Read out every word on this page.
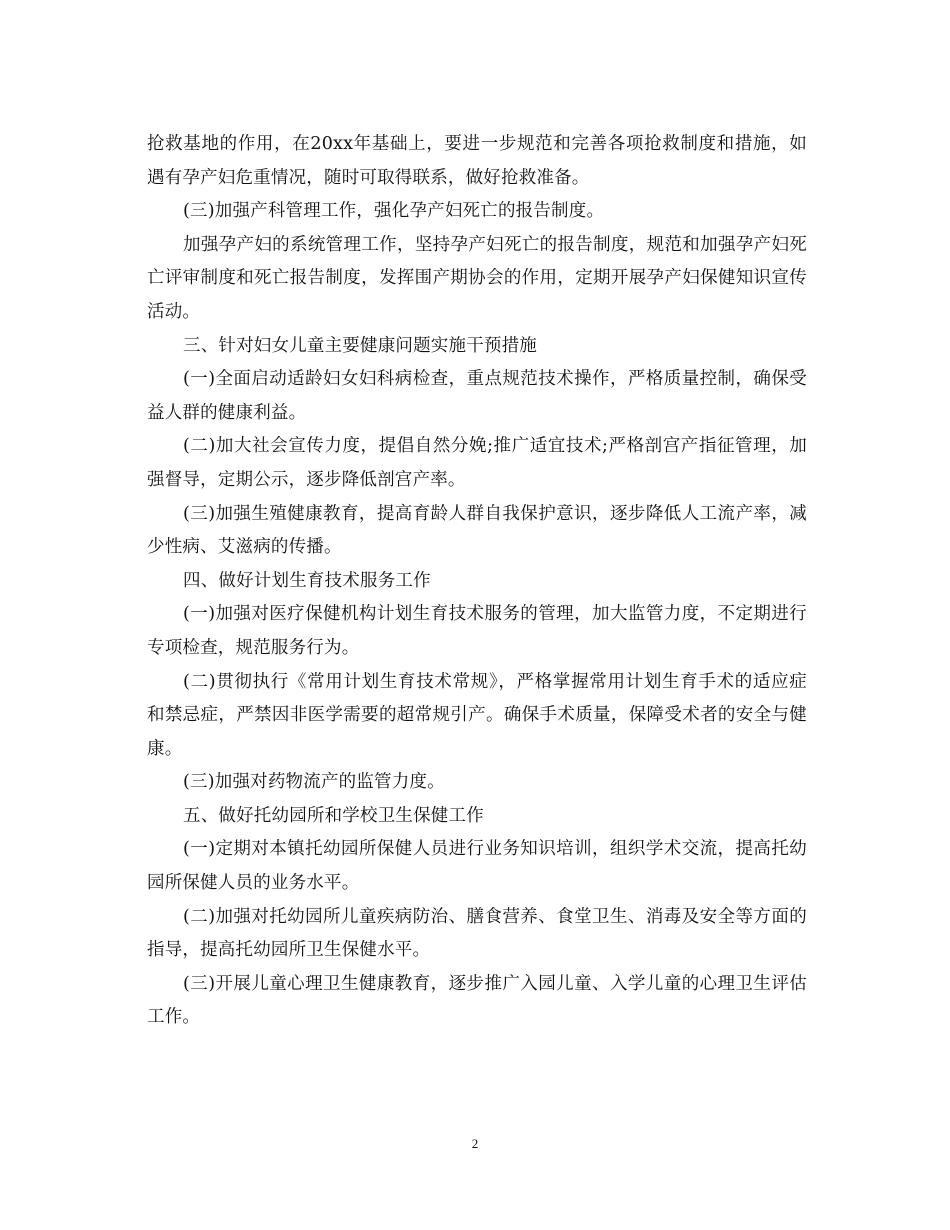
抢救基地的作用，在20xx年基础上，要进一步规范和完善各项抢救制度和措施，如遇有孕产妇危重情况，随时可取得联系，做好抢救准备。

(三)加强产科管理工作，强化孕产妇死亡的报告制度。

加强孕产妇的系统管理工作，坚持孕产妇死亡的报告制度，规范和加强孕产妇死亡评审制度和死亡报告制度，发挥围产期协会的作用，定期开展孕产妇保健知识宣传活动。

三、针对妇女儿童主要健康问题实施干预措施

(一)全面启动适龄妇女妇科病检查，重点规范技术操作，严格质量控制，确保受益人群的健康利益。

(二)加大社会宣传力度，提倡自然分娩;推广适宜技术;严格剖宫产指征管理，加强督导，定期公示，逐步降低剖宫产率。

(三)加强生殖健康教育，提高育龄人群自我保护意识，逐步降低人工流产率，减少性病、艾滋病的传播。

四、做好计划生育技术服务工作

(一)加强对医疗保健机构计划生育技术服务的管理，加大监管力度，不定期进行专项检查，规范服务行为。

(二)贯彻执行《常用计划生育技术常规》，严格掌握常用计划生育手术的适应症和禁忌症，严禁因非医学需要的超常规引产。确保手术质量，保障受术者的安全与健康。

(三)加强对药物流产的监管力度。

五、做好托幼园所和学校卫生保健工作

(一)定期对本镇托幼园所保健人员进行业务知识培训，组织学术交流，提高托幼园所保健人员的业务水平。

(二)加强对托幼园所儿童疾病防治、膳食营养、食堂卫生、消毒及安全等方面的指导，提高托幼园所卫生保健水平。

(三)开展儿童心理卫生健康教育，逐步推广入园儿童、入学儿童的心理卫生评估工作。

2
